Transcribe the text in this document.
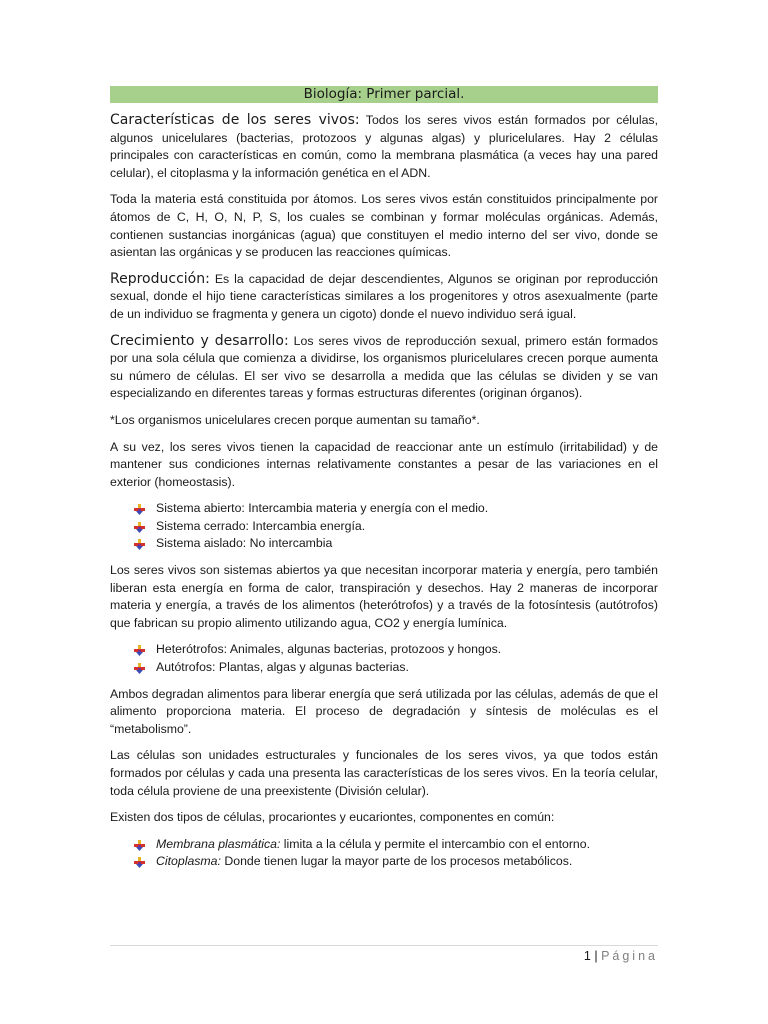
Biología: Primer parcial.

Características de los seres vivos: Todos los seres vivos están formados por células, algunos unicelulares (bacterias, protozoos y algunas algas) y pluricelulares. Hay 2 células principales con características en común, como la membrana plasmática (a veces hay una pared celular), el citoplasma y la información genética en el ADN.

Toda la materia está constituida por átomos. Los seres vivos están constituidos principalmente por átomos de C, H, O, N, P, S, los cuales se combinan y formar moléculas orgánicas. Además, contienen sustancias inorgánicas (agua) que constituyen el medio interno del ser vivo, donde se asientan las orgánicas y se producen las reacciones químicas.

Reproducción: Es la capacidad de dejar descendientes, Algunos se originan por reproducción sexual, donde el hijo tiene características similares a los progenitores y otros asexualmente (parte de un individuo se fragmenta y genera un cigoto) donde el nuevo individuo será igual.

Crecimiento y desarrollo: Los seres vivos de reproducción sexual, primero están formados por una sola célula que comienza a dividirse, los organismos pluricelulares crecen porque aumenta su número de células. El ser vivo se desarrolla a medida que las células se dividen y se van especializando en diferentes tareas y formas estructuras diferentes (originan órganos).

*Los organismos unicelulares crecen porque aumentan su tamaño*.

A su vez, los seres vivos tienen la capacidad de reaccionar ante un estímulo (irritabilidad) y de mantener sus condiciones internas relativamente constantes a pesar de las variaciones en el exterior (homeostasis).

Sistema abierto: Intercambia materia y energía con el medio.
Sistema cerrado: Intercambia energía.
Sistema aislado: No intercambia

Los seres vivos son sistemas abiertos ya que necesitan incorporar materia y energía, pero también liberan esta energía en forma de calor, transpiración y desechos. Hay 2 maneras de incorporar materia y energía, a través de los alimentos (heterótrofos) y a través de la fotosíntesis (autótrofos) que fabrican su propio alimento utilizando agua, CO2 y energía lumínica.

Heterótrofos: Animales, algunas bacterias, protozoos y hongos.
Autótrofos: Plantas, algas y algunas bacterias.

Ambos degradan alimentos para liberar energía que será utilizada por las células, además de que el alimento proporciona materia. El proceso de degradación y síntesis de moléculas es el “metabolismo”.

Las células son unidades estructurales y funcionales de los seres vivos, ya que todos están formados por células y cada una presenta las características de los seres vivos. En la teoría celular, toda célula proviene de una preexistente (División celular).

Existen dos tipos de células, procariontes y eucariontes, componentes en común:

Membrana plasmática: limita a la célula y permite el intercambio con el entorno.
Citoplasma: Donde tienen lugar la mayor parte de los procesos metabólicos.
1 | Página
